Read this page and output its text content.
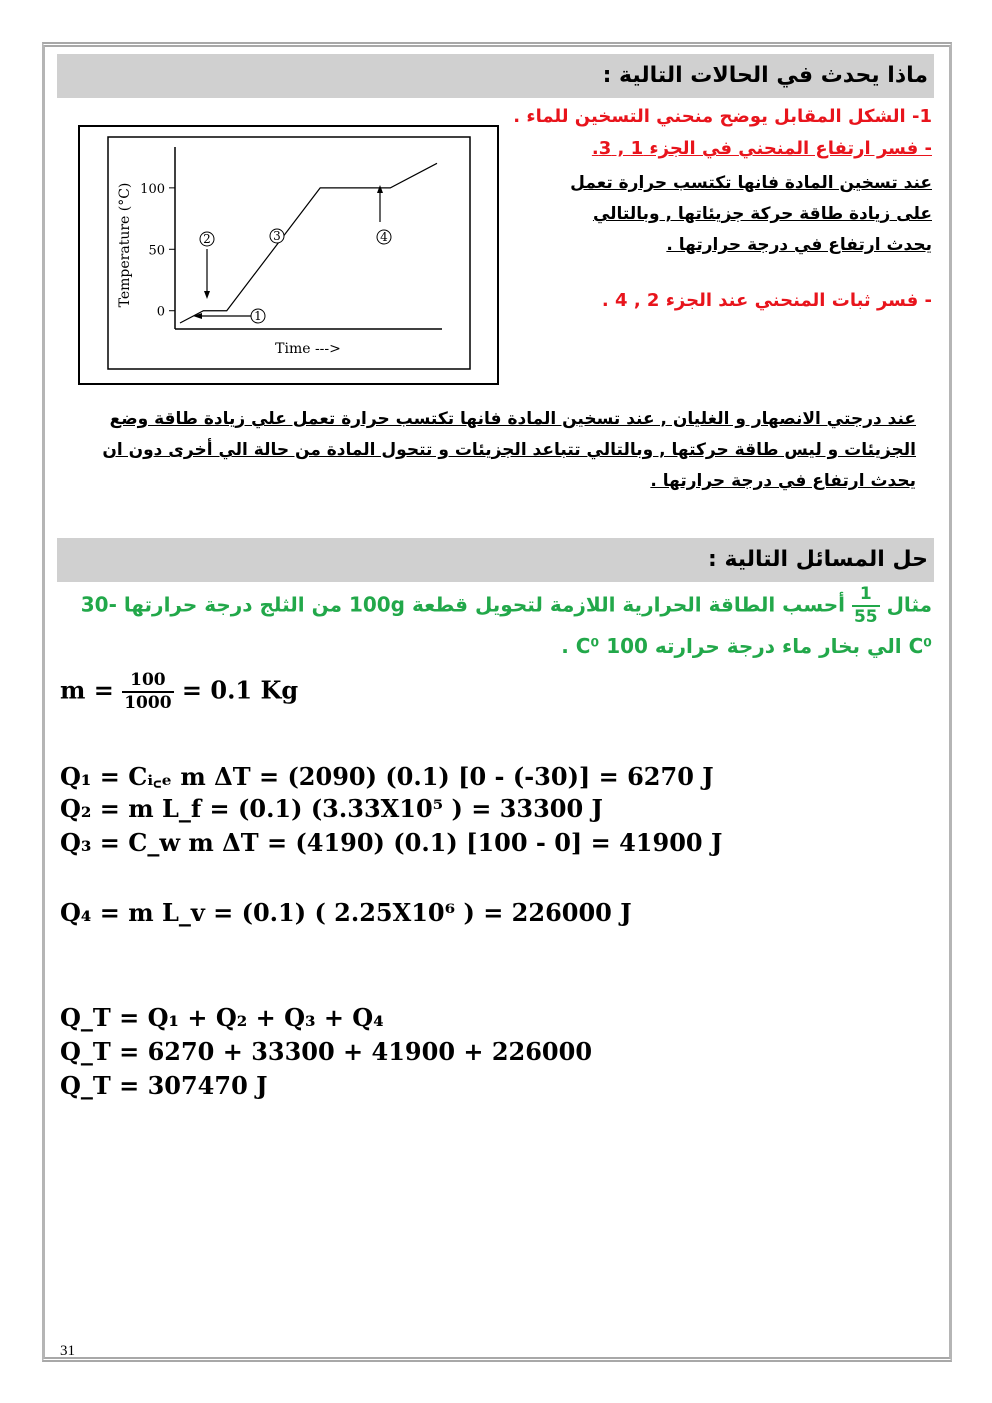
ماذا يحدث في الحالات التالية :
1- الشكل المقابل يوضح منحني التسخين للماء .
- فسر ارتفاع المنحني في الجزء 1 , 3.
عند تسخين المادة فانها تكتسب حرارة تعمل
على زيادة طاقة حركة جزيئاتها , وبالتالي
يحدث ارتفاع في درجة حرارتها .
- فسر ثبات المنحني عند الجزء 2 , 4 .
0
50
100
1
2	3	4
Time --->
Temperature (°C)
عند درجتي الانصهار و الغليان , عند تسخين المادة فانها تكتسب حرارة تعمل علي زيادة طاقة وضع
الجزيئات و ليس طاقة حركتها , وبالتالي تتباعد الجزيئات و تتحول المادة من حالة الي أخرى دون ان
يحدث ارتفاع في درجة حرارتها .
حل المسائل التالية :
مثال
$\frac{1}{55}$
أحسب الطاقة الحرارية اللازمة لتحويل قطعة 100g من الثلج درجة حرارتها -30
C⁰ الي بخار ماء درجة حرارته 100 C⁰ .
$m = \frac{100}{1000} = 0.1$ Kg
Q₁ = Cᵢ꜀ₑ m ΔT = (2090) (0.1) [0 - (-30)] = 6270 J
Q₂ = m L_f = (0.1) (3.33X10⁵ ) = 33300 J
Q₃ = C_w m ΔT = (4190) (0.1) [100 - 0] = 41900 J
Q₄ = m L_v = (0.1) ( 2.25X10⁶ ) = 226000 J
Q_T = Q₁ + Q₂ + Q₃ + Q₄
Q_T = 6270 + 33300 + 41900 + 226000
Q_T = 307470 J
31
